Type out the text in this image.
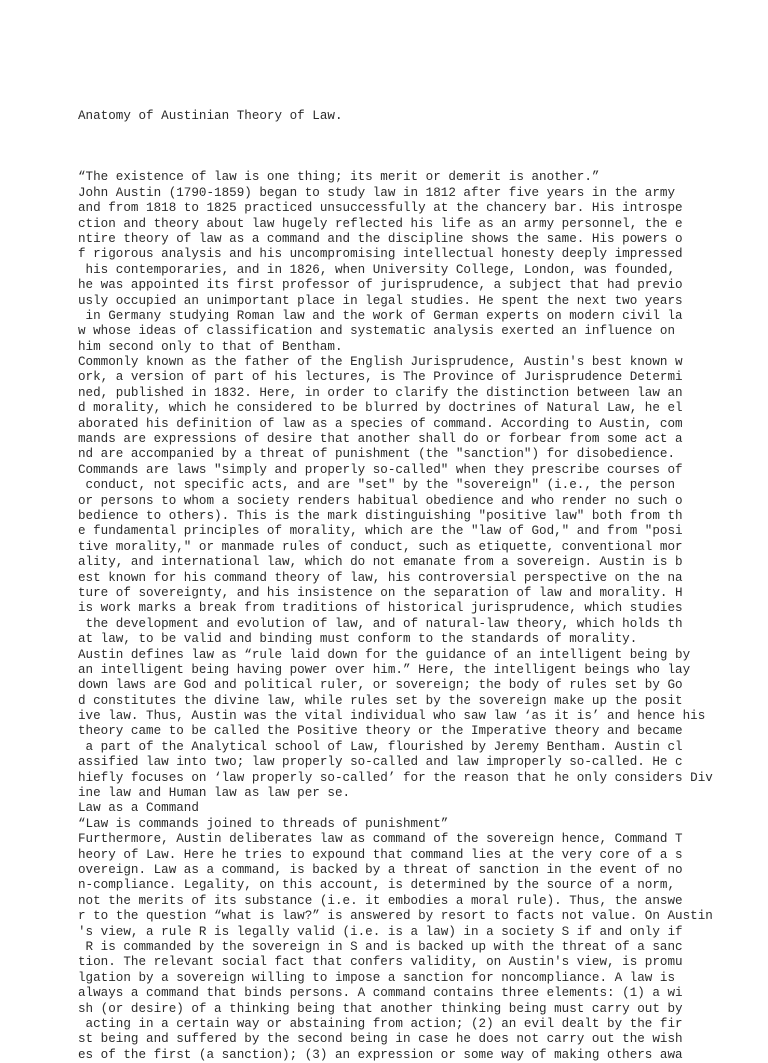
Anatomy of Austinian Theory of Law.

“The existence of law is one thing; its merit or demerit is another.”
John Austin (1790-1859) began to study law in 1812 after five years in the army
and from 1818 to 1825 practiced unsuccessfully at the chancery bar. His introspe
ction and theory about law hugely reflected his life as an army personnel, the e
ntire theory of law as a command and the discipline shows the same. His powers o
f rigorous analysis and his uncompromising intellectual honesty deeply impressed
his contemporaries, and in 1826, when University College, London, was founded,
he was appointed its first professor of jurisprudence, a subject that had previo
usly occupied an unimportant place in legal studies. He spent the next two years
in Germany studying Roman law and the work of German experts on modern civil la
w whose ideas of classification and systematic analysis exerted an influence on
him second only to that of Bentham.
Commonly known as the father of the English Jurisprudence, Austin's best known w
ork, a version of part of his lectures, is The Province of Jurisprudence Determi
ned, published in 1832. Here, in order to clarify the distinction between law an
d morality, which he considered to be blurred by doctrines of Natural Law, he el
aborated his definition of law as a species of command. According to Austin, com
mands are expressions of desire that another shall do or forbear from some act a
nd are accompanied by a threat of punishment (the "sanction") for disobedience.
Commands are laws "simply and properly so-called" when they prescribe courses of
conduct, not specific acts, and are "set" by the "sovereign" (i.e., the person
or persons to whom a society renders habitual obedience and who render no such o
bedience to others). This is the mark distinguishing "positive law" both from th
e fundamental principles of morality, which are the "law of God," and from "posi
tive morality," or manmade rules of conduct, such as etiquette, conventional mor
ality, and international law, which do not emanate from a sovereign. Austin is b
est known for his command theory of law, his controversial perspective on the na
ture of sovereignty, and his insistence on the separation of law and morality. H
is work marks a break from traditions of historical jurisprudence, which studies
the development and evolution of law, and of natural-law theory, which holds th
at law, to be valid and binding must conform to the standards of morality.
Austin defines law as “rule laid down for the guidance of an intelligent being by
an intelligent being having power over him.” Here, the intelligent beings who lay
down laws are God and political ruler, or sovereign; the body of rules set by Go
d constitutes the divine law, while rules set by the sovereign make up the posit
ive law. Thus, Austin was the vital individual who saw law ‘as it is’ and hence his
theory came to be called the Positive theory or the Imperative theory and became
a part of the Analytical school of Law, flourished by Jeremy Bentham. Austin cl
assified law into two; law properly so-called and law improperly so-called. He c
hiefly focuses on ‘law properly so-called’ for the reason that he only considers Div
ine law and Human law as law per se.
Law as a Command
“Law is commands joined to threads of punishment”
Furthermore, Austin deliberates law as command of the sovereign hence, Command T
heory of Law. Here he tries to expound that command lies at the very core of a s
overeign. Law as a command, is backed by a threat of sanction in the event of no
n-compliance. Legality, on this account, is determined by the source of a norm,
not the merits of its substance (i.e. it embodies a moral rule). Thus, the answe
r to the question “what is law?” is answered by resort to facts not value. On Austin
's view, a rule R is legally valid (i.e. is a law) in a society S if and only if
R is commanded by the sovereign in S and is backed up with the threat of a sanc
tion. The relevant social fact that confers validity, on Austin's view, is promu
lgation by a sovereign willing to impose a sanction for noncompliance. A law is
always a command that binds persons. A command contains three elements: (1) a wi
sh (or desire) of a thinking being that another thinking being must carry out by
acting in a certain way or abstaining from action; (2) an evil dealt by the fir
st being and suffered by the second being in case he does not carry out the wish
es of the first (a sanction); (3) an expression or some way of making others awa
